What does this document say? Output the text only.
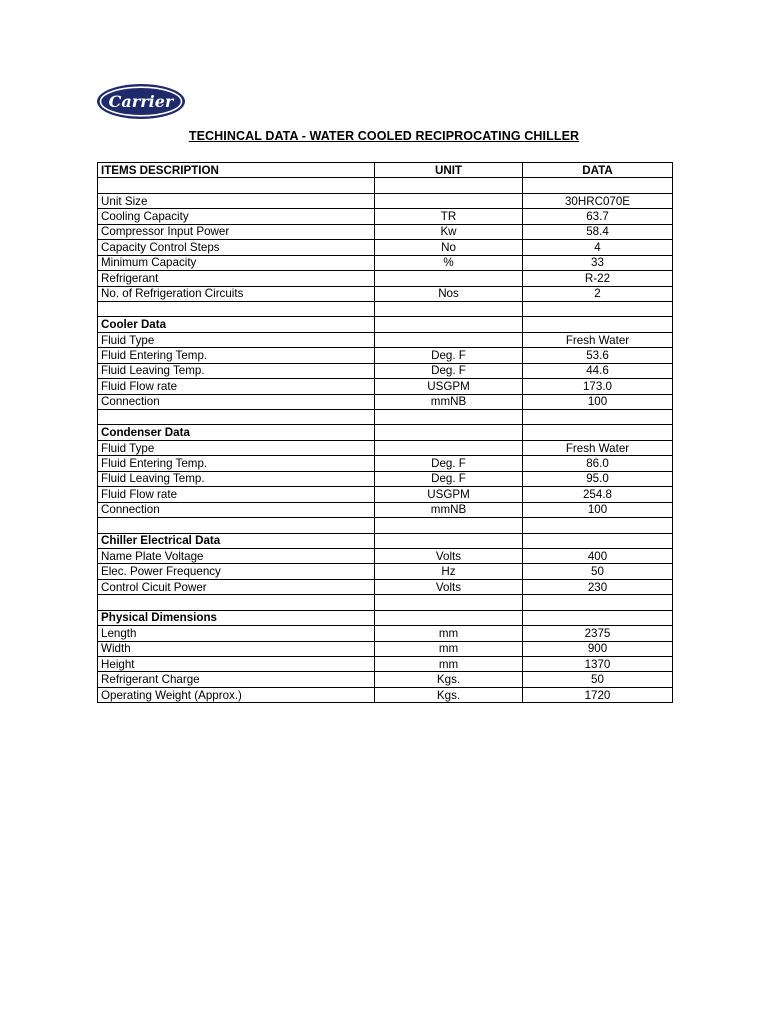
Carrier
TECHINCAL DATA - WATER COOLED RECIPROCATING CHILLER
ITEMS DESCRIPTION	UNIT	DATA

Unit Size		30HRC070E
Cooling Capacity	TR	63.7
Compressor Input Power	Kw	58.4
Capacity Control Steps	No	4
Minimum Capacity	%	33
Refrigerant		R-22
No. of Refrigeration Circuits	Nos	2

Cooler Data		
Fluid Type		Fresh Water
Fluid Entering Temp.	Deg. F	53.6
Fluid Leaving Temp.	Deg. F	44.6
Fluid Flow rate	USGPM	173.0
Connection	mmNB	100

Condenser Data		
Fluid Type		Fresh Water
Fluid Entering Temp.	Deg. F	86.0
Fluid Leaving Temp.	Deg. F	95.0
Fluid Flow rate	USGPM	254.8
Connection	mmNB	100

Chiller Electrical Data		
Name Plate Voltage	Volts	400
Elec. Power Frequency	Hz	50
Control Cicuit Power	Volts	230

Physical Dimensions		
Length	mm	2375
Width	mm	900
Height	mm	1370
Refrigerant Charge	Kgs.	50
Operating Weight (Approx.)	Kgs.	1720
